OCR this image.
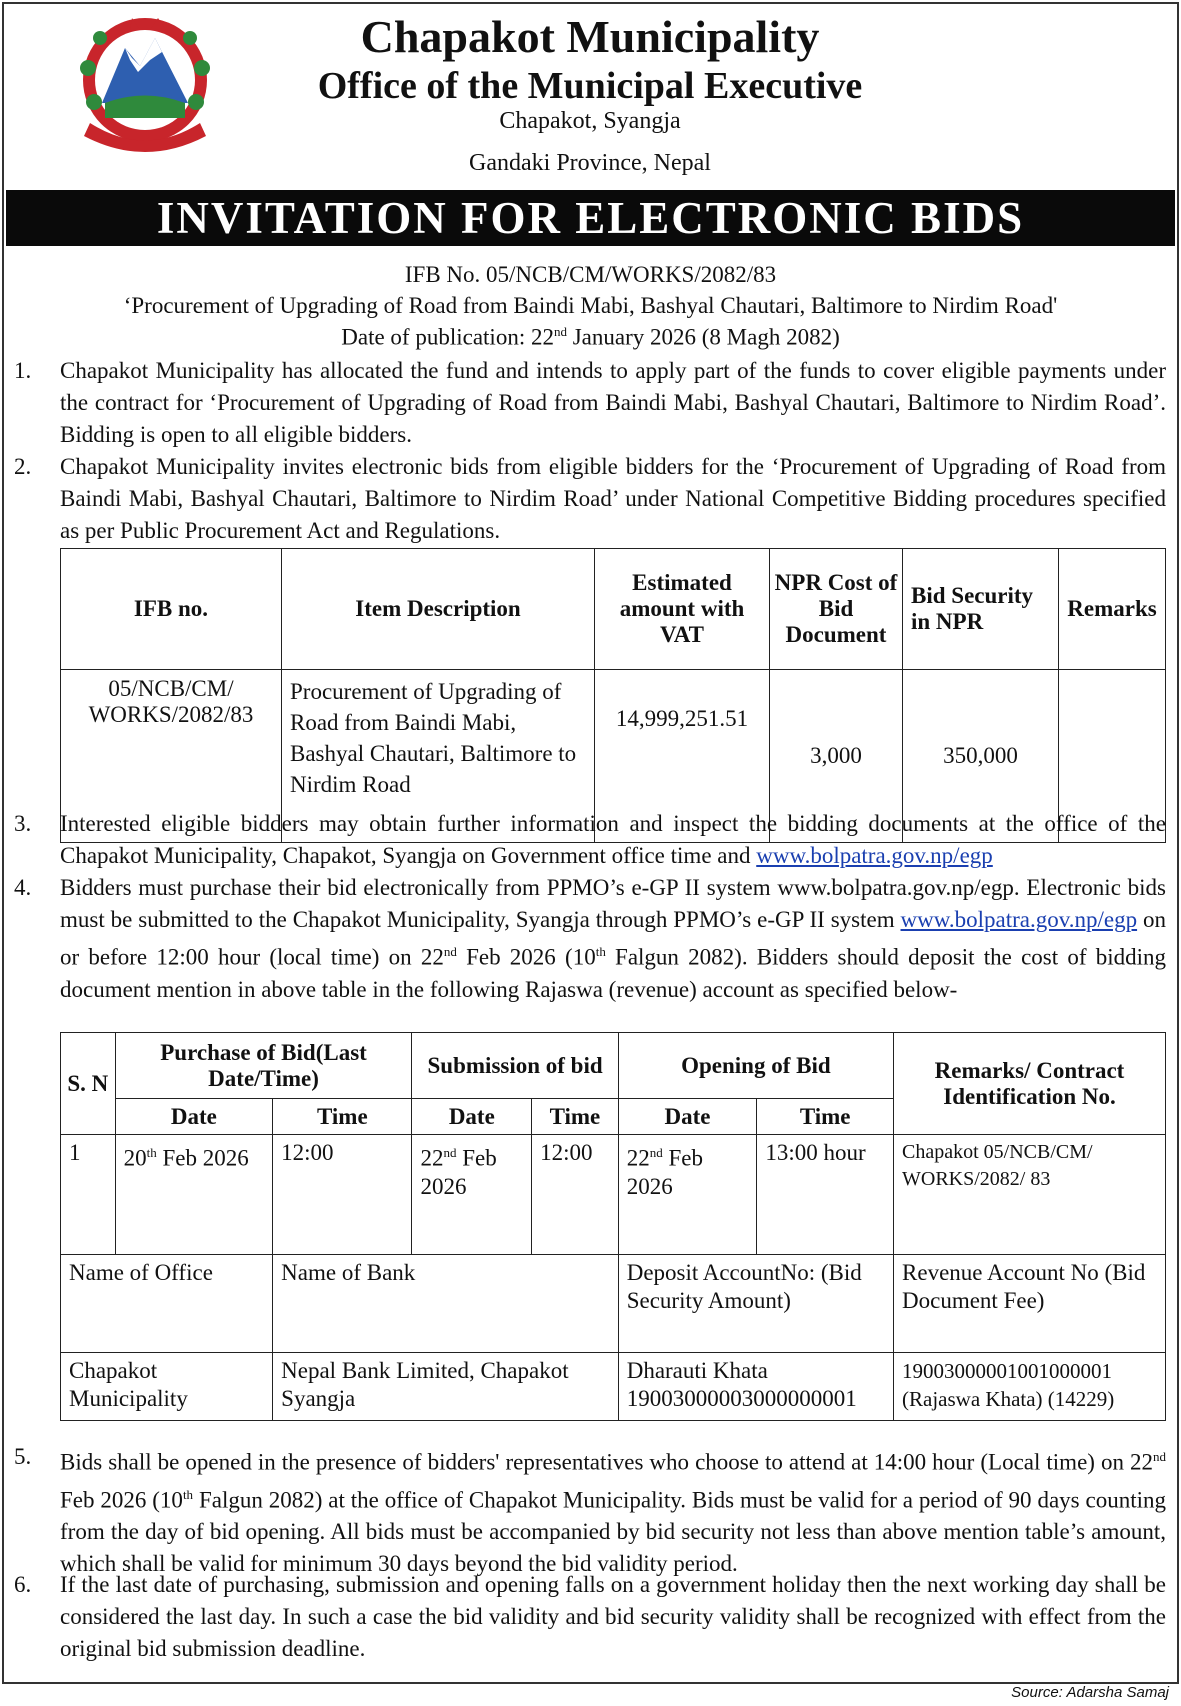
Chapakot Municipality
Office of the Municipal Executive
Chapakot, Syangja
Gandaki Province, Nepal
INVITATION FOR ELECTRONIC BIDS
IFB No. 05/NCB/CM/WORKS/2082/83
‘Procurement of Upgrading of Road from Baindi Mabi, Bashyal Chautari, Baltimore to Nirdim Road'
Date of publication: 22nd January 2026 (8 Magh 2082)
1. Chapakot Municipality has allocated the fund and intends to apply part of the funds to cover eligible payments under the contract for ‘Procurement of Upgrading of Road from Baindi Mabi, Bashyal Chautari, Baltimore to Nirdim Road’. Bidding is open to all eligible bidders.
2. Chapakot Municipality invites electronic bids from eligible bidders for the ‘Procurement of Upgrading of Road from Baindi Mabi, Bashyal Chautari, Baltimore to Nirdim Road’ under National Competitive Bidding procedures specified as per Public Procurement Act and Regulations.
IFB no.	Item Description	Estimated amount with VAT	NPR Cost of Bid Document	Bid Security in NPR	Remarks
05/NCB/CM/ WORKS/2082/83	Procurement of Upgrading of Road from Baindi Mabi, Bashyal Chautari, Baltimore to Nirdim Road	14,999,251.51	3,000	350,000	
3. Interested eligible bidders may obtain further information and inspect the bidding documents at the office of the Chapakot Municipality, Chapakot, Syangja on Government office time and www.bolpatra.gov.np/egp
4. Bidders must purchase their bid electronically from PPMO’s e-GP II system www.bolpatra.gov.np/egp. Electronic bids must be submitted to the Chapakot Municipality, Syangja through PPMO’s e-GP II system www.bolpatra.gov.np/egp on or before 12:00 hour (local time) on 22nd Feb 2026 (10th Falgun 2082). Bidders should deposit the cost of bidding document mention in above table in the following Rajaswa (revenue) account as specified below-
S. N	Purchase of Bid(Last Date/Time)		Submission of bid		Opening of Bid		Remarks/ Contract Identification No.
	Date	Time	Date	Time	Date	Time	
1	20th Feb 2026	12:00	22nd Feb 2026	12:00	22nd Feb 2026	13:00 hour	Chapakot 05/NCB/CM/ WORKS/2082/ 83
Name of Office		Name of Bank			Deposit AccountNo: (Bid Security Amount)		Revenue Account No (Bid Document Fee)
Chapakot Municipality		Nepal Bank Limited, Chapakot Syangja			Dharauti Khata 19003000003000000001		19003000001001000001 (Rajaswa Khata) (14229)
5. Bids shall be opened in the presence of bidders' representatives who choose to attend at 14:00 hour (Local time) on 22nd Feb 2026 (10th Falgun 2082) at the office of Chapakot Municipality. Bids must be valid for a period of 90 days counting from the day of bid opening. All bids must be accompanied by bid security not less than above mention table’s amount, which shall be valid for minimum 30 days beyond the bid validity period.
6. If the last date of purchasing, submission and opening falls on a government holiday then the next working day shall be considered the last day. In such a case the bid validity and bid security validity shall be recognized with effect from the original bid submission deadline.
Source: Adarsha Samaj
